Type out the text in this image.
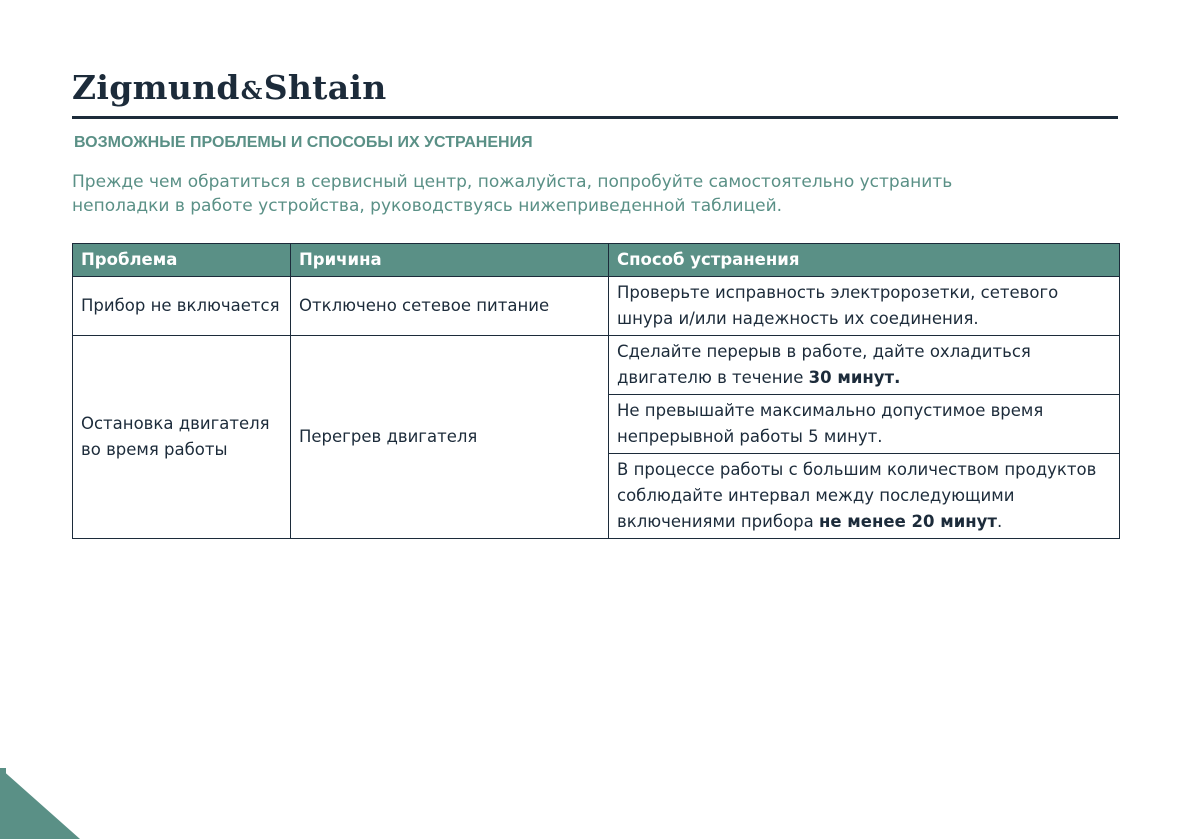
Zigmund&Shtain
ВОЗМОЖНЫЕ ПРОБЛЕМЫ И СПОСОБЫ ИХ УСТРАНЕНИЯ

Прежде чем обратиться в сервисный центр, пожалуйста, попробуйте самостоятельно устранить

неполадки в работе устройства, руководствуясь нижеприведенной таблицей.

Проблема	Причина	Способ устранения
Прибор не включается	Отключено сетевое питание	Проверьте исправность электророзетки, сетевого шнура и/или надежность их соединения.
Остановка двигателя во время работы	Перегрев двигателя	Сделайте перерыв в работе, дайте охладиться двигателю в течение 30 минут.
		Не превышайте максимально допустимое время непрерывной работы 5 минут.
		В процессе работы с большим количеством продуктов соблюдайте интервал между последующими включениями прибора не менее 20 минут.
